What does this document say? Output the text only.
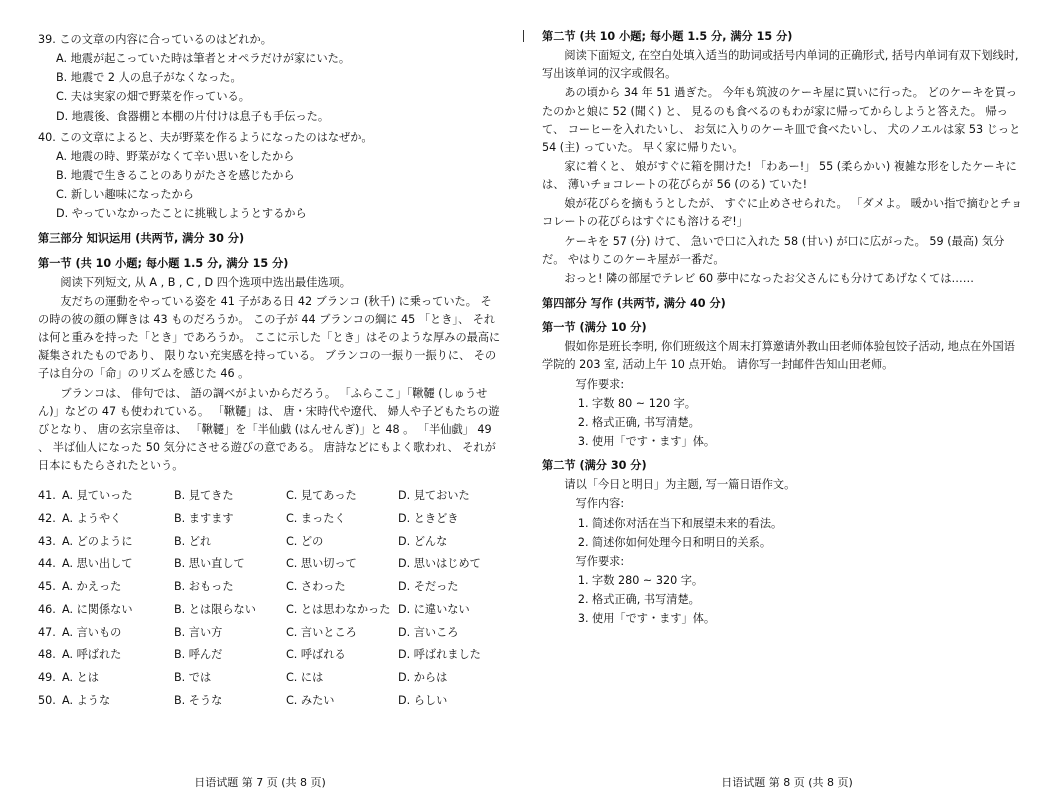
39. この文章の内容に合っているのはどれか。

A. 地震が起こっていた時は筆者とオペラだけが家にいた。

B. 地震で 2 人の息子がなくなった。

C. 夫は実家の畑で野菜を作っている。

D. 地震後、食器棚と本棚の片付けは息子も手伝った。

40. この文章によると、夫が野菜を作るようになったのはなぜか。

A. 地震の時、野菜がなくて辛い思いをしたから

B. 地震で生きることのありがたさを感じたから

C. 新しい趣味になったから

D. やっていなかったことに挑戦しようとするから

第三部分 知识运用 (共两节, 满分 30 分)

第一节 (共 10 小题; 每小题 1.5 分, 满分 15 分)

阅读下列短文, 从 A , B , C , D 四个选项中选出最佳选项。

友だちの運動をやっている姿を 41 子がある日 42 ブランコ (秋千) に乗っていた。 その時の彼の顔の輝きは 43 ものだろうか。 この子が 44 ブランコの綱に 45 「とき」、 それは何と重みを持った「とき」であろうか。 ここに示した「とき」はそのような厚みの最高に凝集されたものであり、 限りない充実感を持っている。 ブランコの一振り一振りに、 その子は自分の「命」のリズムを感じた 46 。

ブランコは、 俳句では、 語の調べがよいからだろう。 「ふらここ」「鞦韆 (しゅうせん)」などの 47 も使われている。 「鞦韆」は、 唐・宋時代や遼代、 婦人や子どもたちの遊びとなり、 唐の玄宗皇帝は、 「鞦韆」を「半仙戯 (はんせんぎ)」と 48 。 「半仙戯」 49 、 半ば仙人になった 50 気分にさせる遊びの意である。 唐詩などにもよく歌われ、 それが日本にもたらされたという。

41. A. 見ていった	B. 見てきた	C. 見てあった	D. 見ておいた
42. A. ようやく	B. ますます	C. まったく	D. ときどき
43. A. どのように	B. どれ	C. どの	D. どんな
44. A. 思い出して	B. 思い直して	C. 思い切って	D. 思いはじめて
45. A. かえった	B. おもった	C. さわった	D. そだった
46. A. に関係ない	B. とは限らない	C. とは思わなかった D. に違いない
47. A. 言いもの	B. 言い方	C. 言いところ	D. 言いころ
48. A. 呼ばれた	B. 呼んだ	C. 呼ばれる	D. 呼ばれました
49. A. とは	B. では	C. には	D. からは
50. A. ような	B. そうな	C. みたい	D. らしい
日语试题 第 7 页 (共 8 页)

第二节 (共 10 小题; 每小题 1.5 分, 满分 15 分)

阅读下面短文, 在空白处填入适当的助词或括号内单词的正确形式, 括号内单词有双下划线时, 写出该单词的汉字或假名。

あの頃から 34 年 51 過ぎた。 今年も筑波のケーキ屋に買いに行った。 どのケーキを買ったのかと娘に 52 (聞く) と、 見るのも食べるのもわが家に帰ってからしようと答えた。 帰って、 コーヒーを入れたいし、 お気に入りのケーキ皿で食べたいし、 犬のノエルは家 53 じっと 54 (主) っていた。 早く家に帰りたい。

家に着くと、 娘がすぐに箱を開けた! 「わあー!」 55 (柔らかい) 複雑な形をしたケーキには、 薄いチョコレートの花びらが 56 (のる) ていた!

娘が花びらを摘もうとしたが、 すぐに止めさせられた。 「ダメよ。 暖かい指で摘むとチョコレートの花びらはすぐにも溶けるぞ!」

ケーキを 57 (分) けて、 急いで口に入れた 58 (甘い) が口に広がった。 59 (最高) 気分だ。 やはりこのケーキ屋が一番だ。

おっと! 隣の部屋でテレビ 60 夢中になったお父さんにも分けてあげなくては……

第四部分 写作 (共两节, 满分 40 分)

第一节 (满分 10 分)

假如你是班长李明, 你们班级这个周末打算邀请外教山田老师体验包饺子活动, 地点在外国语学院的 203 室, 活动上午 10 点开始。 请你写一封邮件告知山田老师。

写作要求:

1. 字数 80 ~ 120 字。

2. 格式正确, 书写清楚。

3. 使用「です・ます」体。

第二节 (满分 30 分)

请以「今日と明日」为主题, 写一篇日语作文。

写作内容:

1. 简述你对活在当下和展望未来的看法。

2. 简述你如何处理今日和明日的关系。

写作要求:

1. 字数 280 ~ 320 字。

2. 格式正确, 书写清楚。

3. 使用「です・ます」体。

日语试题 第 8 页 (共 8 页)
